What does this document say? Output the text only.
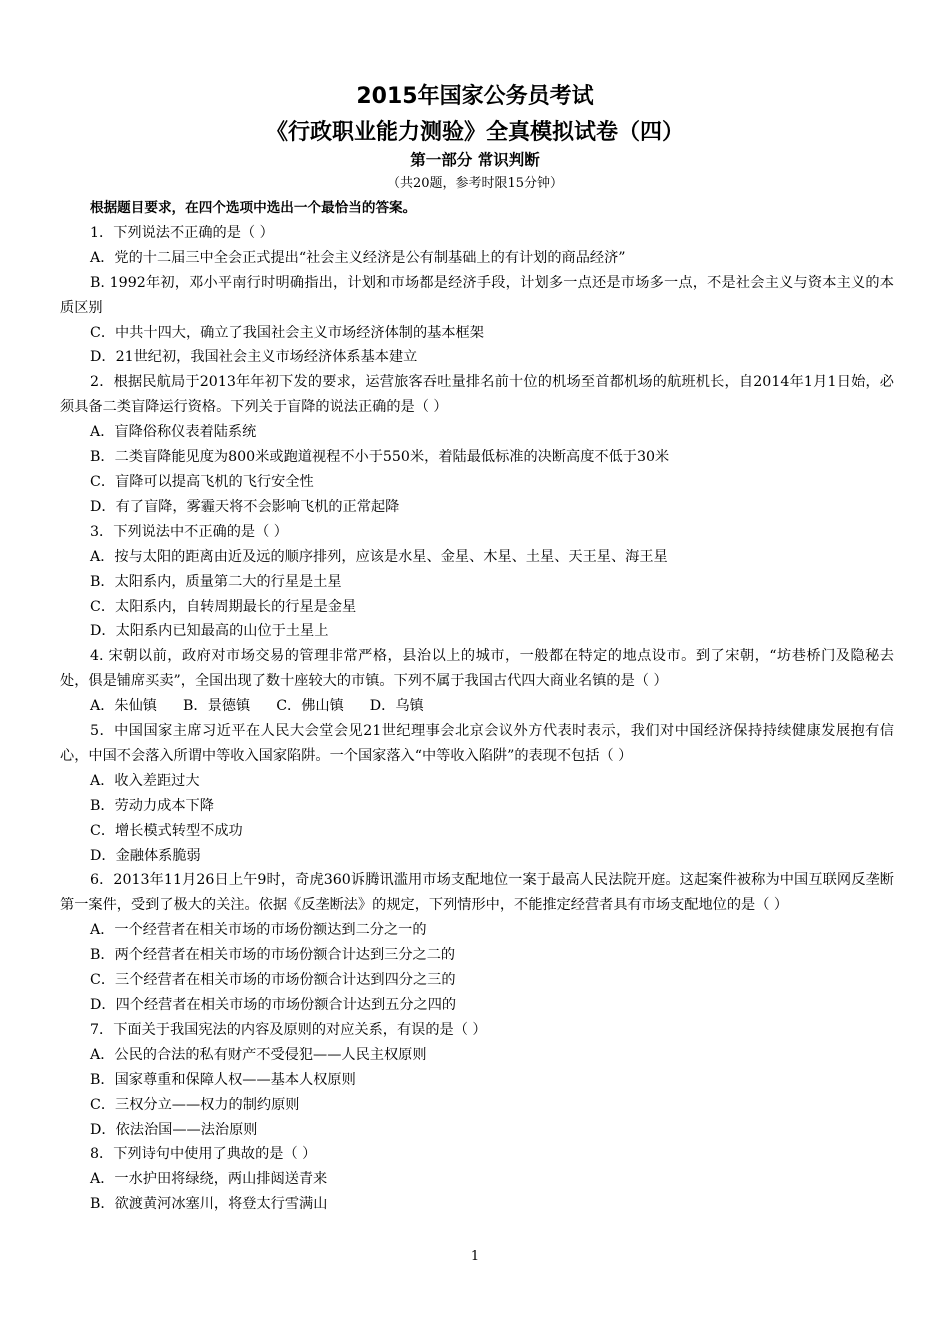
2015年国家公务员考试
《行政职业能力测验》全真模拟试卷（四）
第一部分 常识判断
（共20题，参考时限15分钟）

根据题目要求，在四个选项中选出一个最恰当的答案。

1．下列说法不正确的是（ ）

A．党的十二届三中全会正式提出“社会主义经济是公有制基础上的有计划的商品经济”

B. 1992年初，邓小平南行时明确指出，计划和市场都是经济手段，计划多一点还是市场多一点，不是社会主义与资本主义的本质区别

C．中共十四大，确立了我国社会主义市场经济体制的基本框架

D．21世纪初，我国社会主义市场经济体系基本建立

2．根据民航局于2013年年初下发的要求，运营旅客吞吐量排名前十位的机场至首都机场的航班机长，自2014年1月1日始，必须具备二类盲降运行资格。下列关于盲降的说法正确的是（ ）

A．盲降俗称仪表着陆系统

B．二类盲降能见度为800米或跑道视程不小于550米，着陆最低标准的决断高度不低于30米

C．盲降可以提高飞机的飞行安全性

D．有了盲降，雾霾天将不会影响飞机的正常起降

3．下列说法中不正确的是（ ）

A．按与太阳的距离由近及远的顺序排列，应该是水星、金星、木星、土星、天王星、海王星

B．太阳系内，质量第二大的行星是土星

C．太阳系内，自转周期最长的行星是金星

D．太阳系内已知最高的山位于土星上

4. 宋朝以前，政府对市场交易的管理非常严格，县治以上的城市，一般都在特定的地点设市。到了宋朝，“坊巷桥门及隐秘去处，俱是铺席买卖”，全国出现了数十座较大的市镇。下列不属于我国古代四大商业名镇的是（ ）

A．朱仙镇 B．景德镇 C．佛山镇 D．乌镇

5．中国国家主席习近平在人民大会堂会见21世纪理事会北京会议外方代表时表示，我们对中国经济保持持续健康发展抱有信心，中国不会落入所谓中等收入国家陷阱。一个国家落入“中等收入陷阱”的表现不包括（ ）

A．收入差距过大

B．劳动力成本下降

C．增长模式转型不成功

D．金融体系脆弱

6．2013年11月26日上午9时，奇虎360诉腾讯滥用市场支配地位一案于最高人民法院开庭。这起案件被称为中国互联网反垄断第一案件，受到了极大的关注。依据《反垄断法》的规定，下列情形中，不能推定经营者具有市场支配地位的是（ ）

A．一个经营者在相关市场的市场份额达到二分之一的

B．两个经营者在相关市场的市场份额合计达到三分之二的

C．三个经营者在相关市场的市场份额合计达到四分之三的

D．四个经营者在相关市场的市场份额合计达到五分之四的

7．下面关于我国宪法的内容及原则的对应关系，有误的是（ ）

A．公民的合法的私有财产不受侵犯——人民主权原则

B．国家尊重和保障人权——基本人权原则

C．三权分立——权力的制约原则

D．依法治国——法治原则

8．下列诗句中使用了典故的是（ ）

A．一水护田将绿绕，两山排闼送青来

B．欲渡黄河冰塞川，将登太行雪满山

1
